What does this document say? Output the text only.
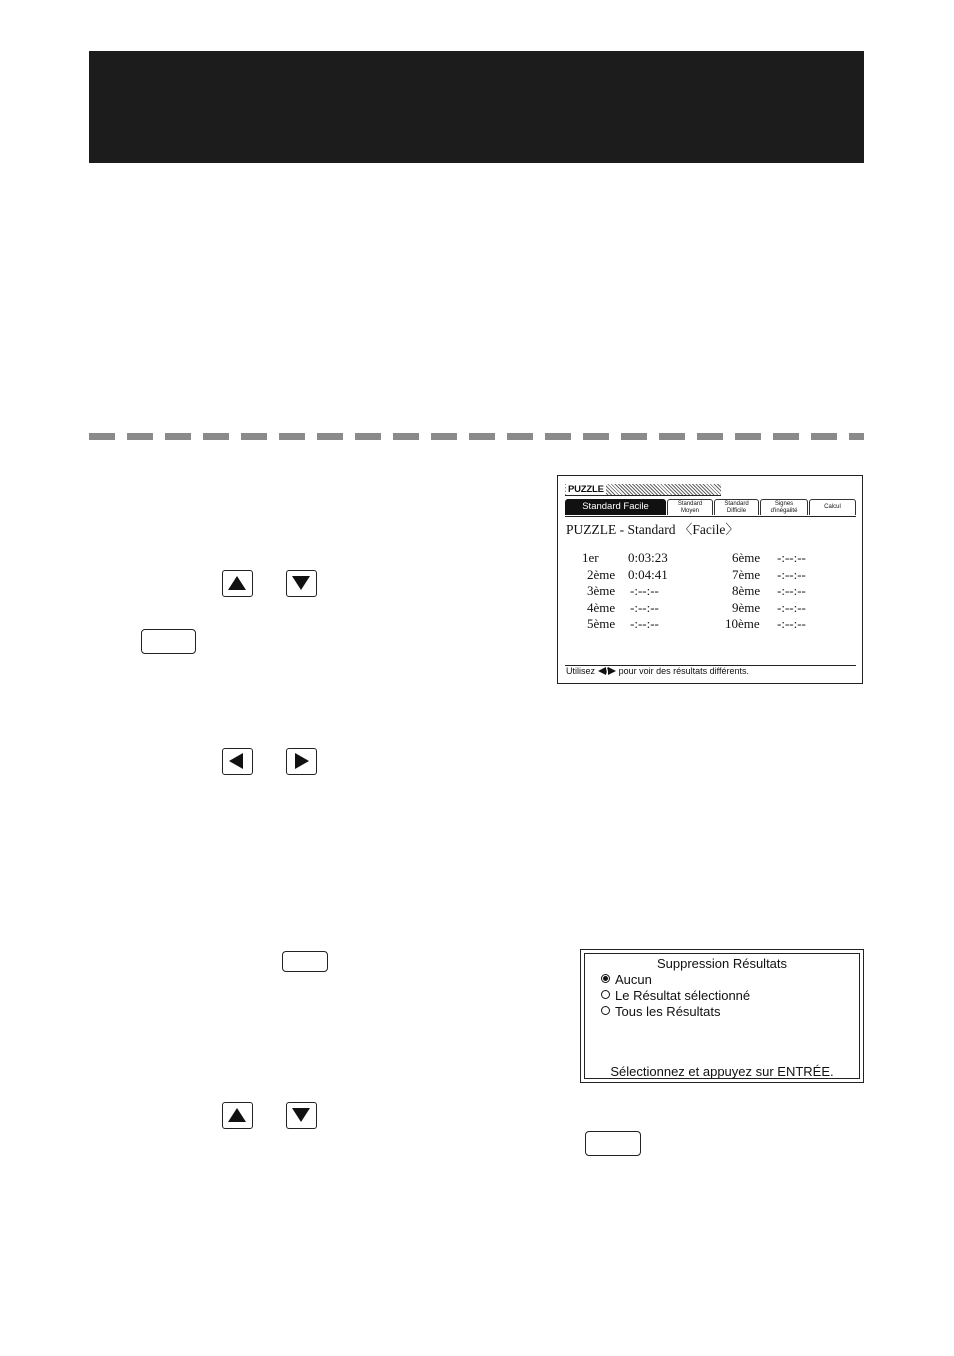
PUZZLE
Standard Facile	Standard Moyen
Standard Difficile
Signes d'inégalité
Calcul
PUZZLE - Standard 〈Facile〉
1er 0:03:23
2ème 0:04:41
3ème -:--:--
4ème -:--:--
5ème -:--:--
6ème -:--:--
7ème -:--:--
8ème -:--:--
9ème -:--:--
10ème -:--:--
Utilisez / pour voir des résultats différents.
Suppression Résultats
Aucun
Le Résultat sélectionné
Tous les Résultats
Sélectionnez et appuyez sur ENTRÉE.
